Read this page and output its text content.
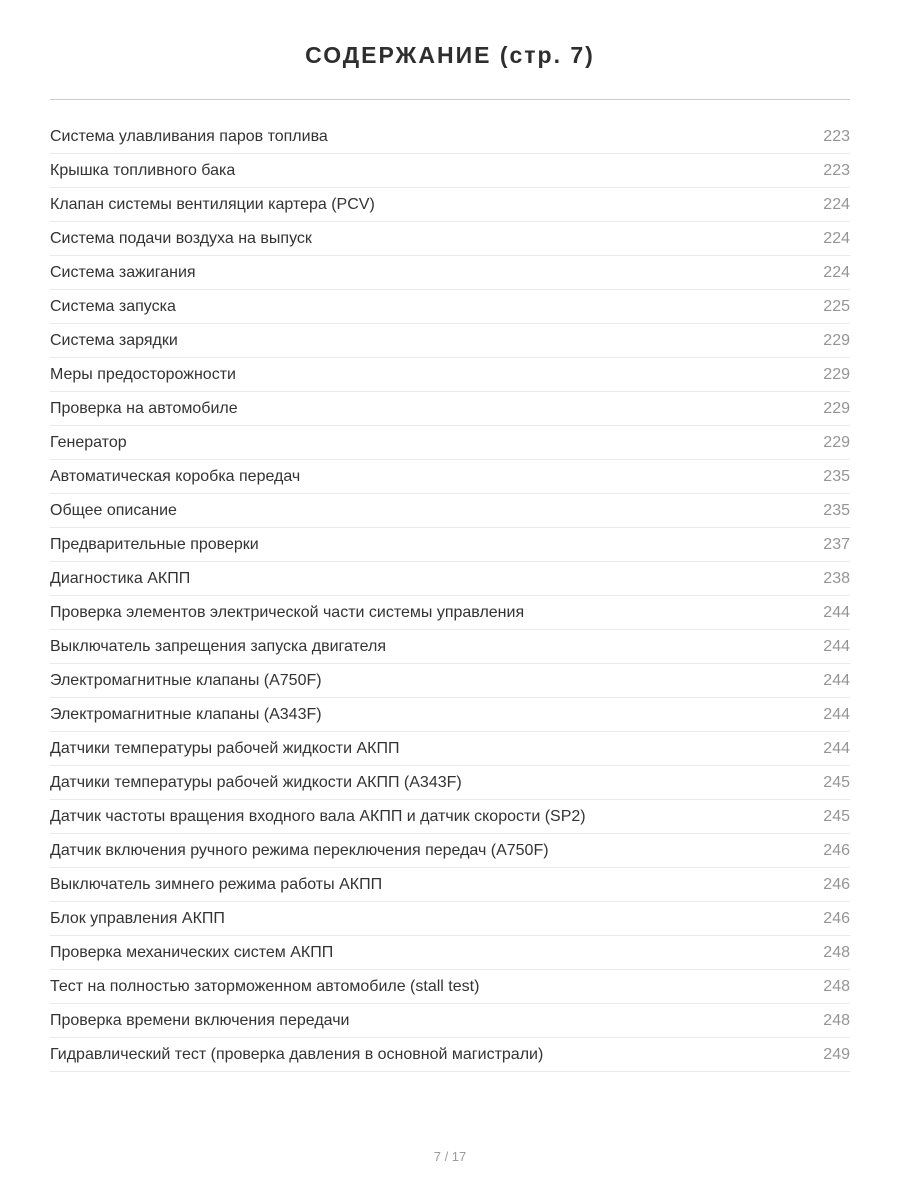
СОДЕРЖАНИЕ (стр. 7)
Система улавливания паров топлива	223
Крышка топливного бака	223
Клапан системы вентиляции картера (PCV)	224
Система подачи воздуха на выпуск	224
Система зажигания	224
Система запуска	225
Система зарядки	229
Меры предосторожности	229
Проверка на автомобиле	229
Генератор	229
Автоматическая коробка передач	235
Общее описание	235
Предварительные проверки	237
Диагностика АКПП	238
Проверка элементов электрической части системы управления	244
Выключатель запрещения запуска двигателя	244
Электромагнитные клапаны (A750F)	244
Электромагнитные клапаны (A343F)	244
Датчики температуры рабочей жидкости АКПП	244
Датчики температуры рабочей жидкости АКПП (A343F)	245
Датчик частоты вращения входного вала АКПП и датчик скорости (SP2)	245
Датчик включения ручного режима переключения передач (A750F)	246
Выключатель зимнего режима работы АКПП	246
Блок управления АКПП	246
Проверка механических систем АКПП	248
Тест на полностью заторможенном автомобиле (stall test)	248
Проверка времени включения передачи	248
Гидравлический тест (проверка давления в основной магистрали)	249
7 / 17
